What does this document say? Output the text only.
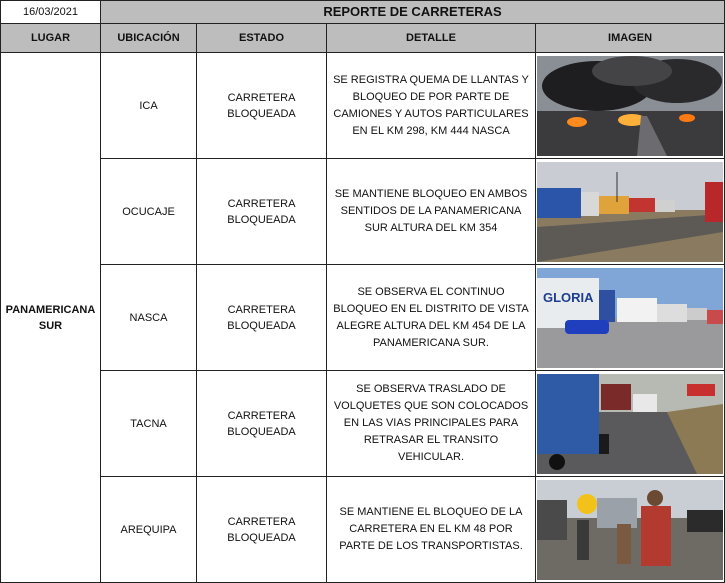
16/03/2021	REPORTE DE CARRETERAS			
LUGAR	UBICACIÓN	ESTADO	DETALLE	IMAGEN
PANAMERICANA SUR	ICA	CARRETERA BLOQUEADA	SE REGISTRA QUEMA DE LLANTAS Y BLOQUEO DE POR PARTE DE CAMIONES Y AUTOS PARTICULARES EN EL KM 298, KM 444 NASCA	

	OCUCAJE	CARRETERA BLOQUEADA	SE MANTIENE BLOQUEO EN AMBOS SENTIDOS DE LA PANAMERICANA SUR ALTURA DEL KM 354	

	NASCA	CARRETERA BLOQUEADA	SE OBSERVA EL CONTINUO BLOQUEO EN EL DISTRITO DE VISTA ALEGRE ALTURA DEL KM 454 DE LA PANAMERICANA SUR.	GLORIA

	TACNA	CARRETERA BLOQUEADA	SE OBSERVA TRASLADO DE VOLQUETES QUE SON COLOCADOS EN LAS VIAS PRINCIPALES PARA RETRASAR EL TRANSITO VEHICULAR.	

	AREQUIPA	CARRETERA BLOQUEADA	SE MANTIENE EL BLOQUEO DE LA CARRETERA EN EL KM 48 POR PARTE DE LOS TRANSPORTISTAS.	
